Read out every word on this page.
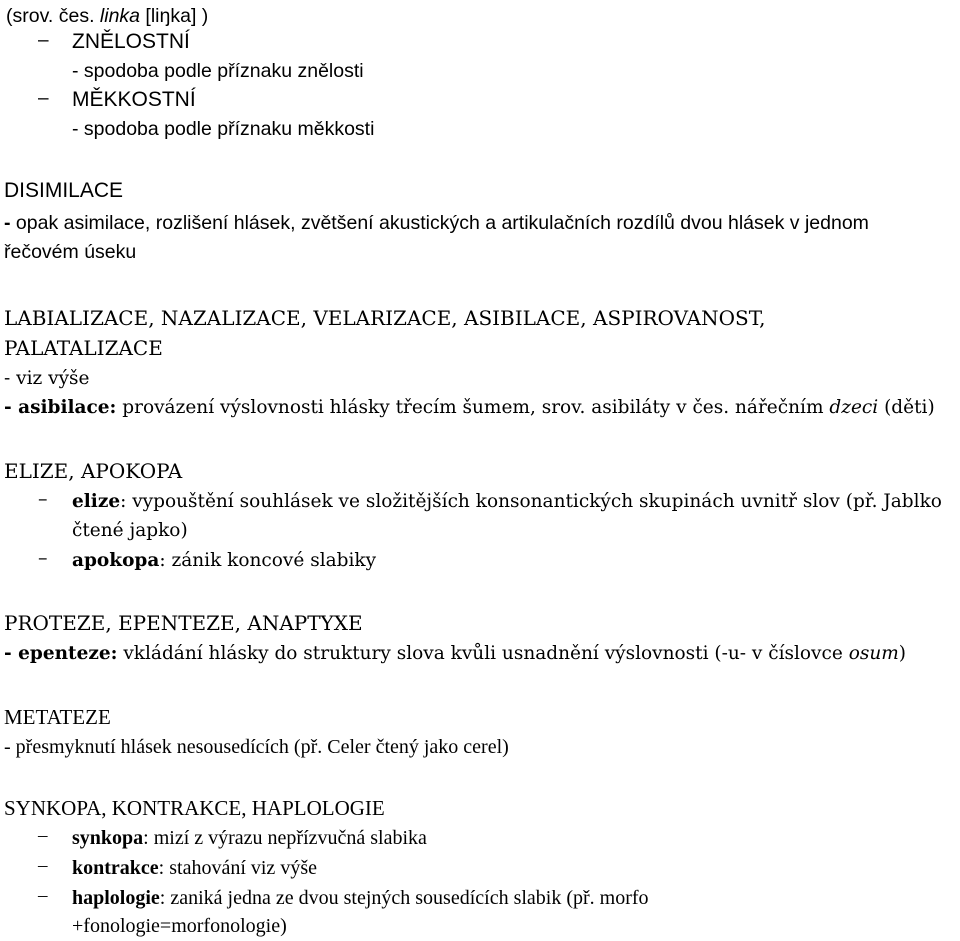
(srov. čes. linka [liŋka] )
– ZNĚLOSTNÍ
- spodoba podle příznaku znělosti
– MĚKKOSTNÍ
- spodoba podle příznaku měkkosti
DISIMILACE
- opak asimilace, rozlišení hlásek, zvětšení akustických a artikulačních rozdílů dvou hlásek v jednom
řečovém úseku
LABIALIZACE, NAZALIZACE, VELARIZACE, ASIBILACE, ASPIROVANOST,
PALATALIZACE
- viz výše
- asibilace: provázení výslovnosti hlásky třecím šumem, srov. asibiláty v čes. nářečním dzeci (děti)
ELIZE, APOKOPA
– elize: vypouštění souhlásek ve složitějších konsonantických skupinách uvnitř slov (př. Jablko
čtené japko)
– apokopa: zánik koncové slabiky
PROTEZE, EPENTEZE, ANAPTYXE
- epenteze: vkládání hlásky do struktury slova kvůli usnadnění výslovnosti (-u- v číslovce osum)
METATEZE
- přesmyknutí hlásek nesousedících (př. Celer čtený jako cerel)
SYNKOPA, KONTRAKCE, HAPLOLOGIE
– synkopa: mizí z výrazu nepřízvučná slabika
– kontrakce: stahování viz výše
– haplologie: zaniká jedna ze dvou stejných sousedících slabik (př. morfo
+fonologie=morfonologie)
